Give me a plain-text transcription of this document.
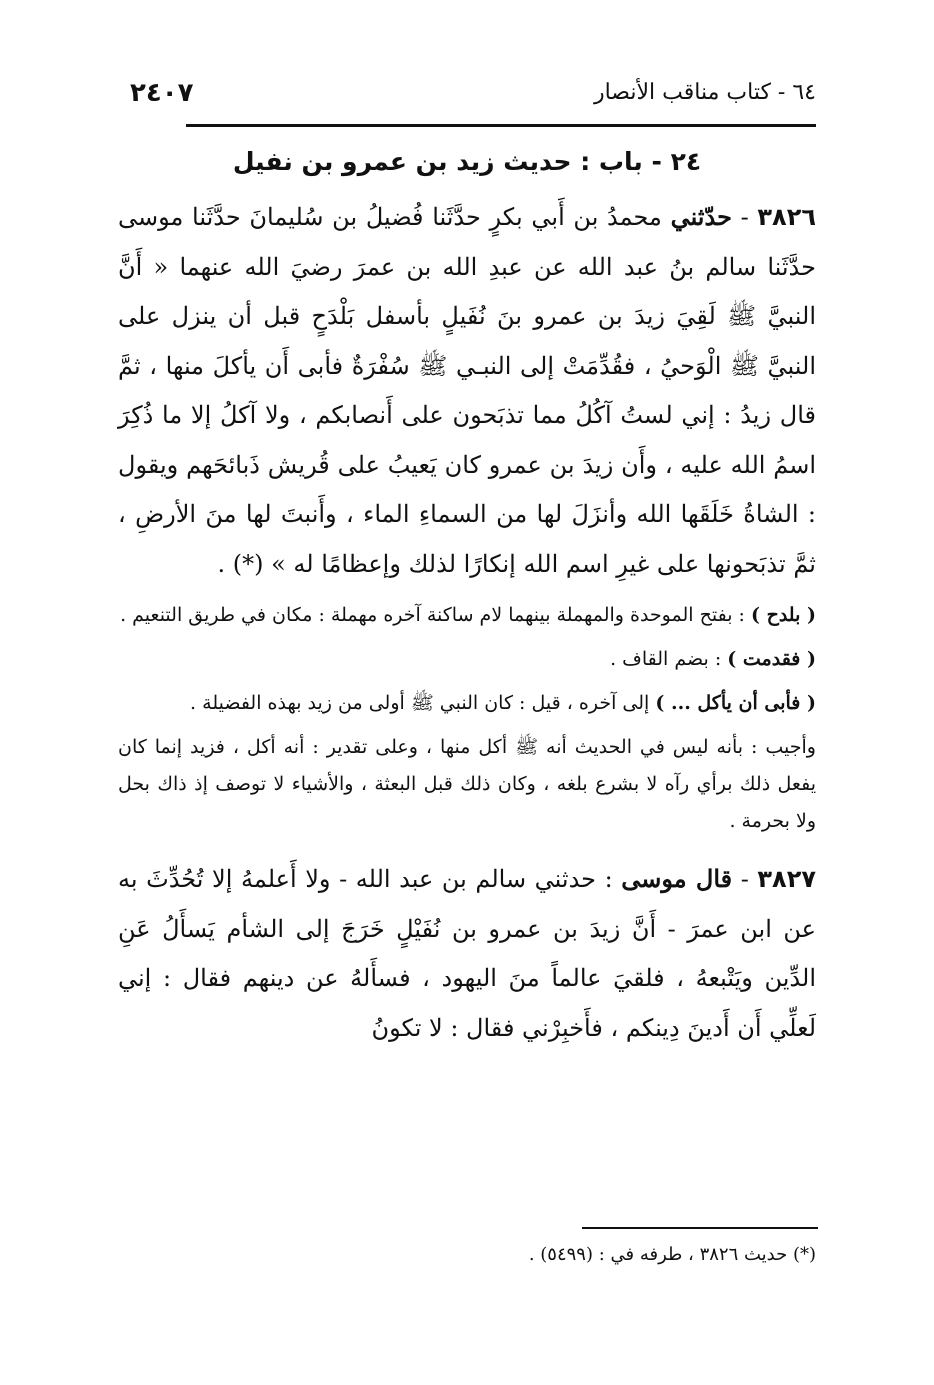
٢٤٠٧	٦٤ - كتاب مناقب الأنصار
٢٤ - باب : حديث زيد بن عمرو بن نفيل

٣٨٢٦ - حدّثني محمدُ بن أَبي بكرٍ حدَّثَنا فُضيلُ بن سُليمانَ حدَّثَنا موسى حدَّثَنا سالم بنُ عبد الله عن عبدِ الله بن عمرَ رضيَ الله عنهما « أَنَّ النبيَّ ﷺ لَقِيَ زيدَ بن عمرو بنَ نُفَيلٍ بأسفل بَلْدَحٍ قبل أن ينزل على النبيَّ ﷺ الْوَحيُ ، فقُدِّمَتْ إلى النبـي ﷺ سُفْرَةٌ فأبى أَن يأكلَ منها ، ثمَّ قال زيدُ : إني لستُ آكُلُ مما تذبَحون على أَنصابكم ، ولا آكلُ إلا ما ذُكِرَ اسمُ الله عليه ، وأَن زيدَ بن عمرو كان يَعيبُ على قُريش ذَبائحَهم ويقول : الشاةُ خَلَقَها الله وأنزَلَ لها من السماءِ الماء ، وأَنبتَ لها منَ الأرضِ ، ثمَّ تذبَحونها على غيرِ اسم الله إنكارًا لذلك وإعظامًا له » (*) .

( بلدح ) : بفتح الموحدة والمهملة بينهما لام ساكنة آخره مهملة : مكان في طريق التنعيم .

( فقدمت ) : بضم القاف .

( فأبى أن يأكل ... ) إلى آخره ، قيل : كان النبي ﷺ أولى من زيد بهذه الفضيلة .

وأجيب : بأنه ليس في الحديث أنه ﷺ أكل منها ، وعلى تقدير : أنه أكل ، فزيد إنما كان يفعل ذلك برأي رآه لا بشرع بلغه ، وكان ذلك قبل البعثة ، والأشياء لا توصف إذ ذاك بحل ولا بحرمة .

٣٨٢٧ - قال موسى : حدثني سالم بن عبد الله - ولا أَعلمهُ إلا تُحُدِّثَ به عن ابن عمرَ - أَنَّ زيدَ بن عمرو بن نُفَيْلٍ خَرَجَ إلى الشأم يَسأَلُ عَنِ الدِّين ويَتْبعهُ ، فلقيَ عالماً منَ اليهود ، فسأَلهُ عن دينهم فقال : إني لَعلِّي أَن أَدينَ دِينكم ، فأَخبِرْني فقال : لا تكونُ

(*) حديث ٣٨٢٦ ، طرفه في : (٥٤٩٩) .
